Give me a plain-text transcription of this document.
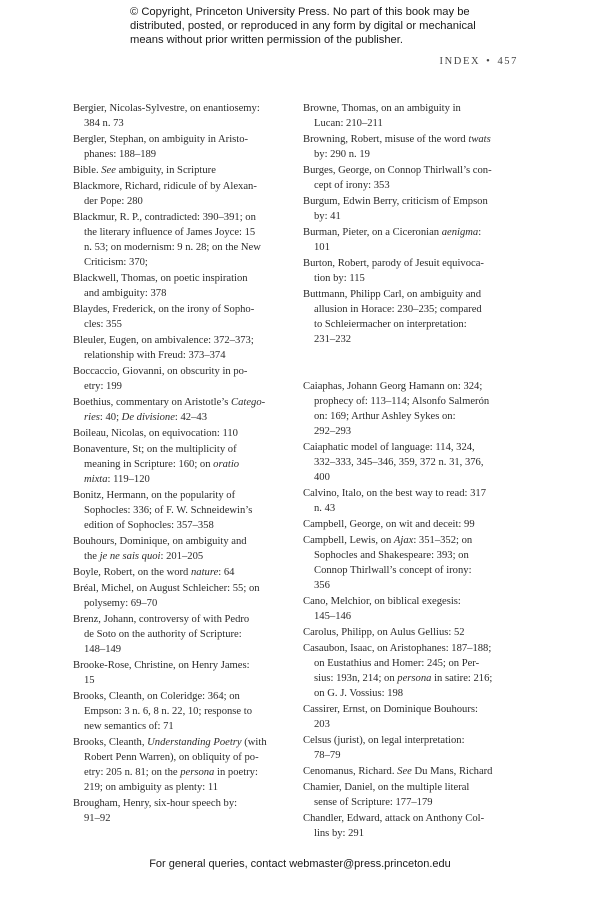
© Copyright, Princeton University Press. No part of this book may be
distributed, posted, or reproduced in any form by digital or mechanical
means without prior written permission of the publisher.
INDEX • 457
Bergier, Nicolas-Sylvestre, on enantiosemy:
384 n. 73
Bergler, Stephan, on ambiguity in Aristo-
phanes: 188–189
Bible. See ambiguity, in Scripture
Blackmore, Richard, ridicule of by Alexan-
der Pope: 280
Blackmur, R. P., contradicted: 390–391; on
the literary influence of James Joyce: 15
n. 53; on modernism: 9 n. 28; on the New
Criticism: 370;
Blackwell, Thomas, on poetic inspiration
and ambiguity: 378
Blaydes, Frederick, on the irony of Sopho-
cles: 355
Bleuler, Eugen, on ambivalence: 372–373;
relationship with Freud: 373–374
Boccaccio, Giovanni, on obscurity in po-
etry: 199
Boethius, commentary on Aristotle’s Catego-
ries: 40; De divisione: 42–43
Boileau, Nicolas, on equivocation: 110
Bonaventure, St; on the multiplicity of
meaning in Scripture: 160; on oratio
mixta: 119–120
Bonitz, Hermann, on the popularity of
Sophocles: 336; of F. W. Schneidewin’s
edition of Sophocles: 357–358
Bouhours, Dominique, on ambiguity and
the je ne sais quoi: 201–205
Boyle, Robert, on the word nature: 64
Bréal, Michel, on August Schleicher: 55; on
polysemy: 69–70
Brenz, Johann, controversy of with Pedro
de Soto on the authority of Scripture:
148–149
Brooke-Rose, Christine, on Henry James:
15
Brooks, Cleanth, on Coleridge: 364; on
Empson: 3 n. 6, 8 n. 22, 10; response to
new semantics of: 71
Brooks, Cleanth, Understanding Poetry (with
Robert Penn Warren), on obliquity of po-
etry: 205 n. 81; on the persona in poetry:
219; on ambiguity as plenty: 11
Brougham, Henry, six-hour speech by:
91–92
Browne, Thomas, on an ambiguity in
Lucan: 210–211
Browning, Robert, misuse of the word twats
by: 290 n. 19
Burges, George, on Connop Thirlwall’s con-
cept of irony: 353
Burgum, Edwin Berry, criticism of Empson
by: 41
Burman, Pieter, on a Ciceronian aenigma:
101
Burton, Robert, parody of Jesuit equivoca-
tion by: 115
Buttmann, Philipp Carl, on ambiguity and
allusion in Horace: 230–235; compared
to Schleiermacher on interpretation:
231–232
Caiaphas, Johann Georg Hamann on: 324;
prophecy of: 113–114; Alsonfo Salmerón
on: 169; Arthur Ashley Sykes on:
292–293
Caiaphatic model of language: 114, 324,
332–333, 345–346, 359, 372 n. 31, 376,
400
Calvino, Italo, on the best way to read: 317
n. 43
Campbell, George, on wit and deceit: 99
Campbell, Lewis, on Ajax: 351–352; on
Sophocles and Shakespeare: 393; on
Connop Thirlwall’s concept of irony:
356
Cano, Melchior, on biblical exegesis:
145–146
Carolus, Philipp, on Aulus Gellius: 52
Casaubon, Isaac, on Aristophanes: 187–188;
on Eustathius and Homer: 245; on Per-
sius: 193n, 214; on persona in satire: 216;
on G. J. Vossius: 198
Cassirer, Ernst, on Dominique Bouhours:
203
Celsus (jurist), on legal interpretation:
78–79
Cenomanus, Richard. See Du Mans, Richard
Chamier, Daniel, on the multiple literal
sense of Scripture: 177–179
Chandler, Edward, attack on Anthony Col-
lins by: 291
For general queries, contact webmaster@press.princeton.edu
